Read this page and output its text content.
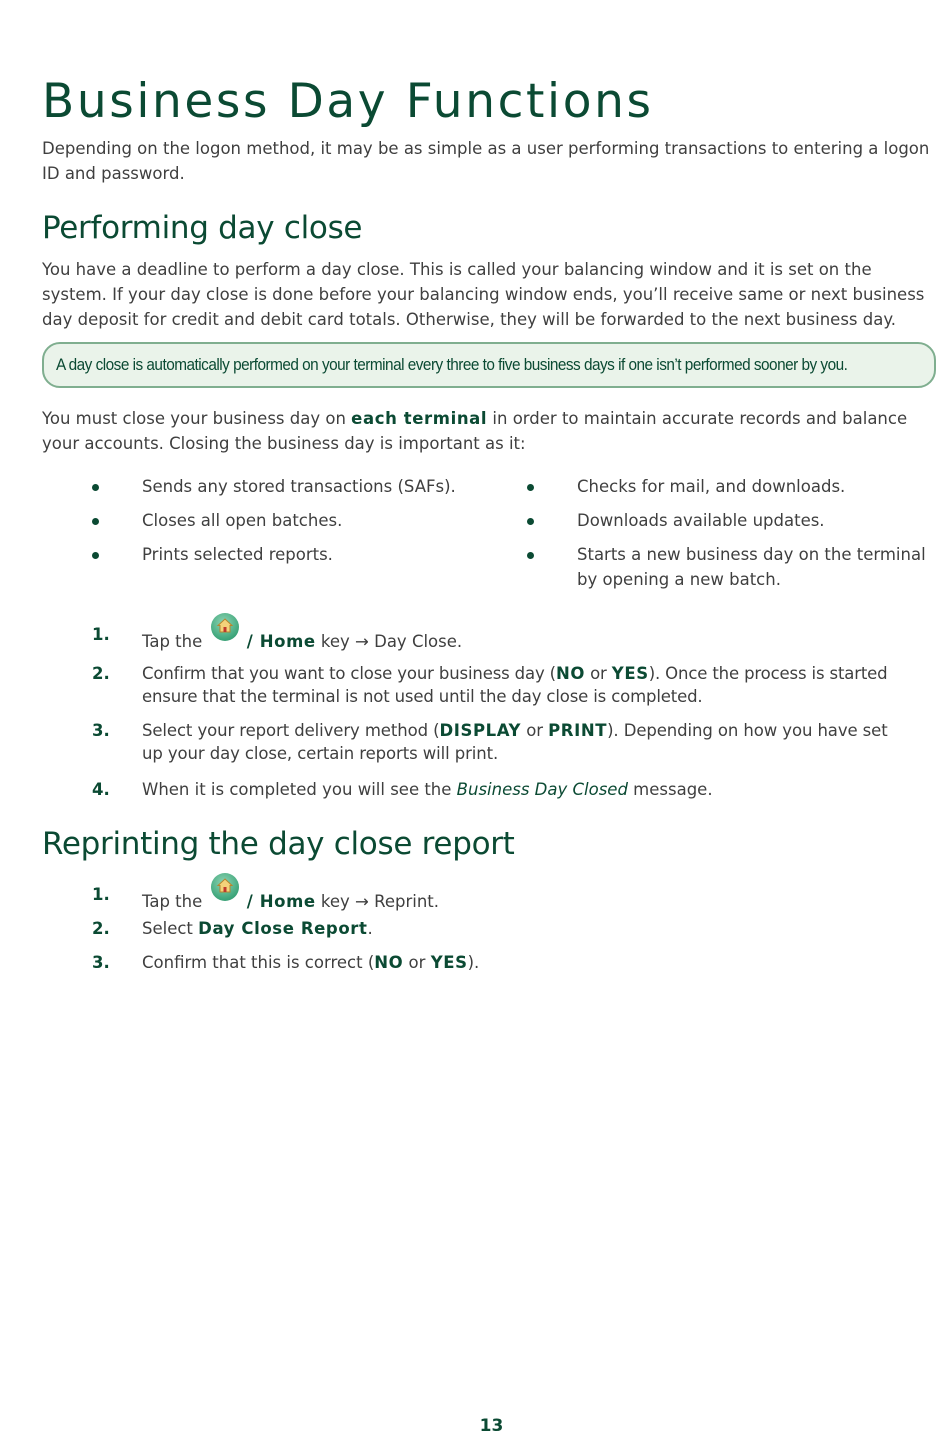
Business Day Functions

Depending on the logon method, it may be as simple as a user performing transactions to entering a logon ID and password.

Performing day close

You have a deadline to perform a day close. This is called your balancing window and it is set on the system. If your day close is done before your balancing window ends, you’ll receive same or next business day deposit for credit and debit card totals. Otherwise, they will be forwarded to the next business day.

A day close is automatically performed on your terminal every three to five business days if one isn’t performed sooner by you.

You must close your business day on each terminal in order to maintain accurate records and balance your accounts. Closing the business day is important as it:

Sends any stored transactions (SAFs).
Closes all open batches.
Prints selected reports.
Checks for mail, and downloads.
Downloads available updates.
Starts a new business day on the terminal by opening a new batch.
1. Tap the	/ Home key → Day Close.
2. Confirm that you want to close your business day (NO or YES). Once the process is started ensure that the terminal is not used until the day close is completed.
3. Select your report delivery method (DISPLAY or PRINT). Depending on how you have set up your day close, certain reports will print.
4. When it is completed you will see the Business Day Closed message.
Reprinting the day close report
1. Tap the	/ Home key → Reprint.
2. Select Day Close Report.
3. Confirm that this is correct (NO or YES).
13
